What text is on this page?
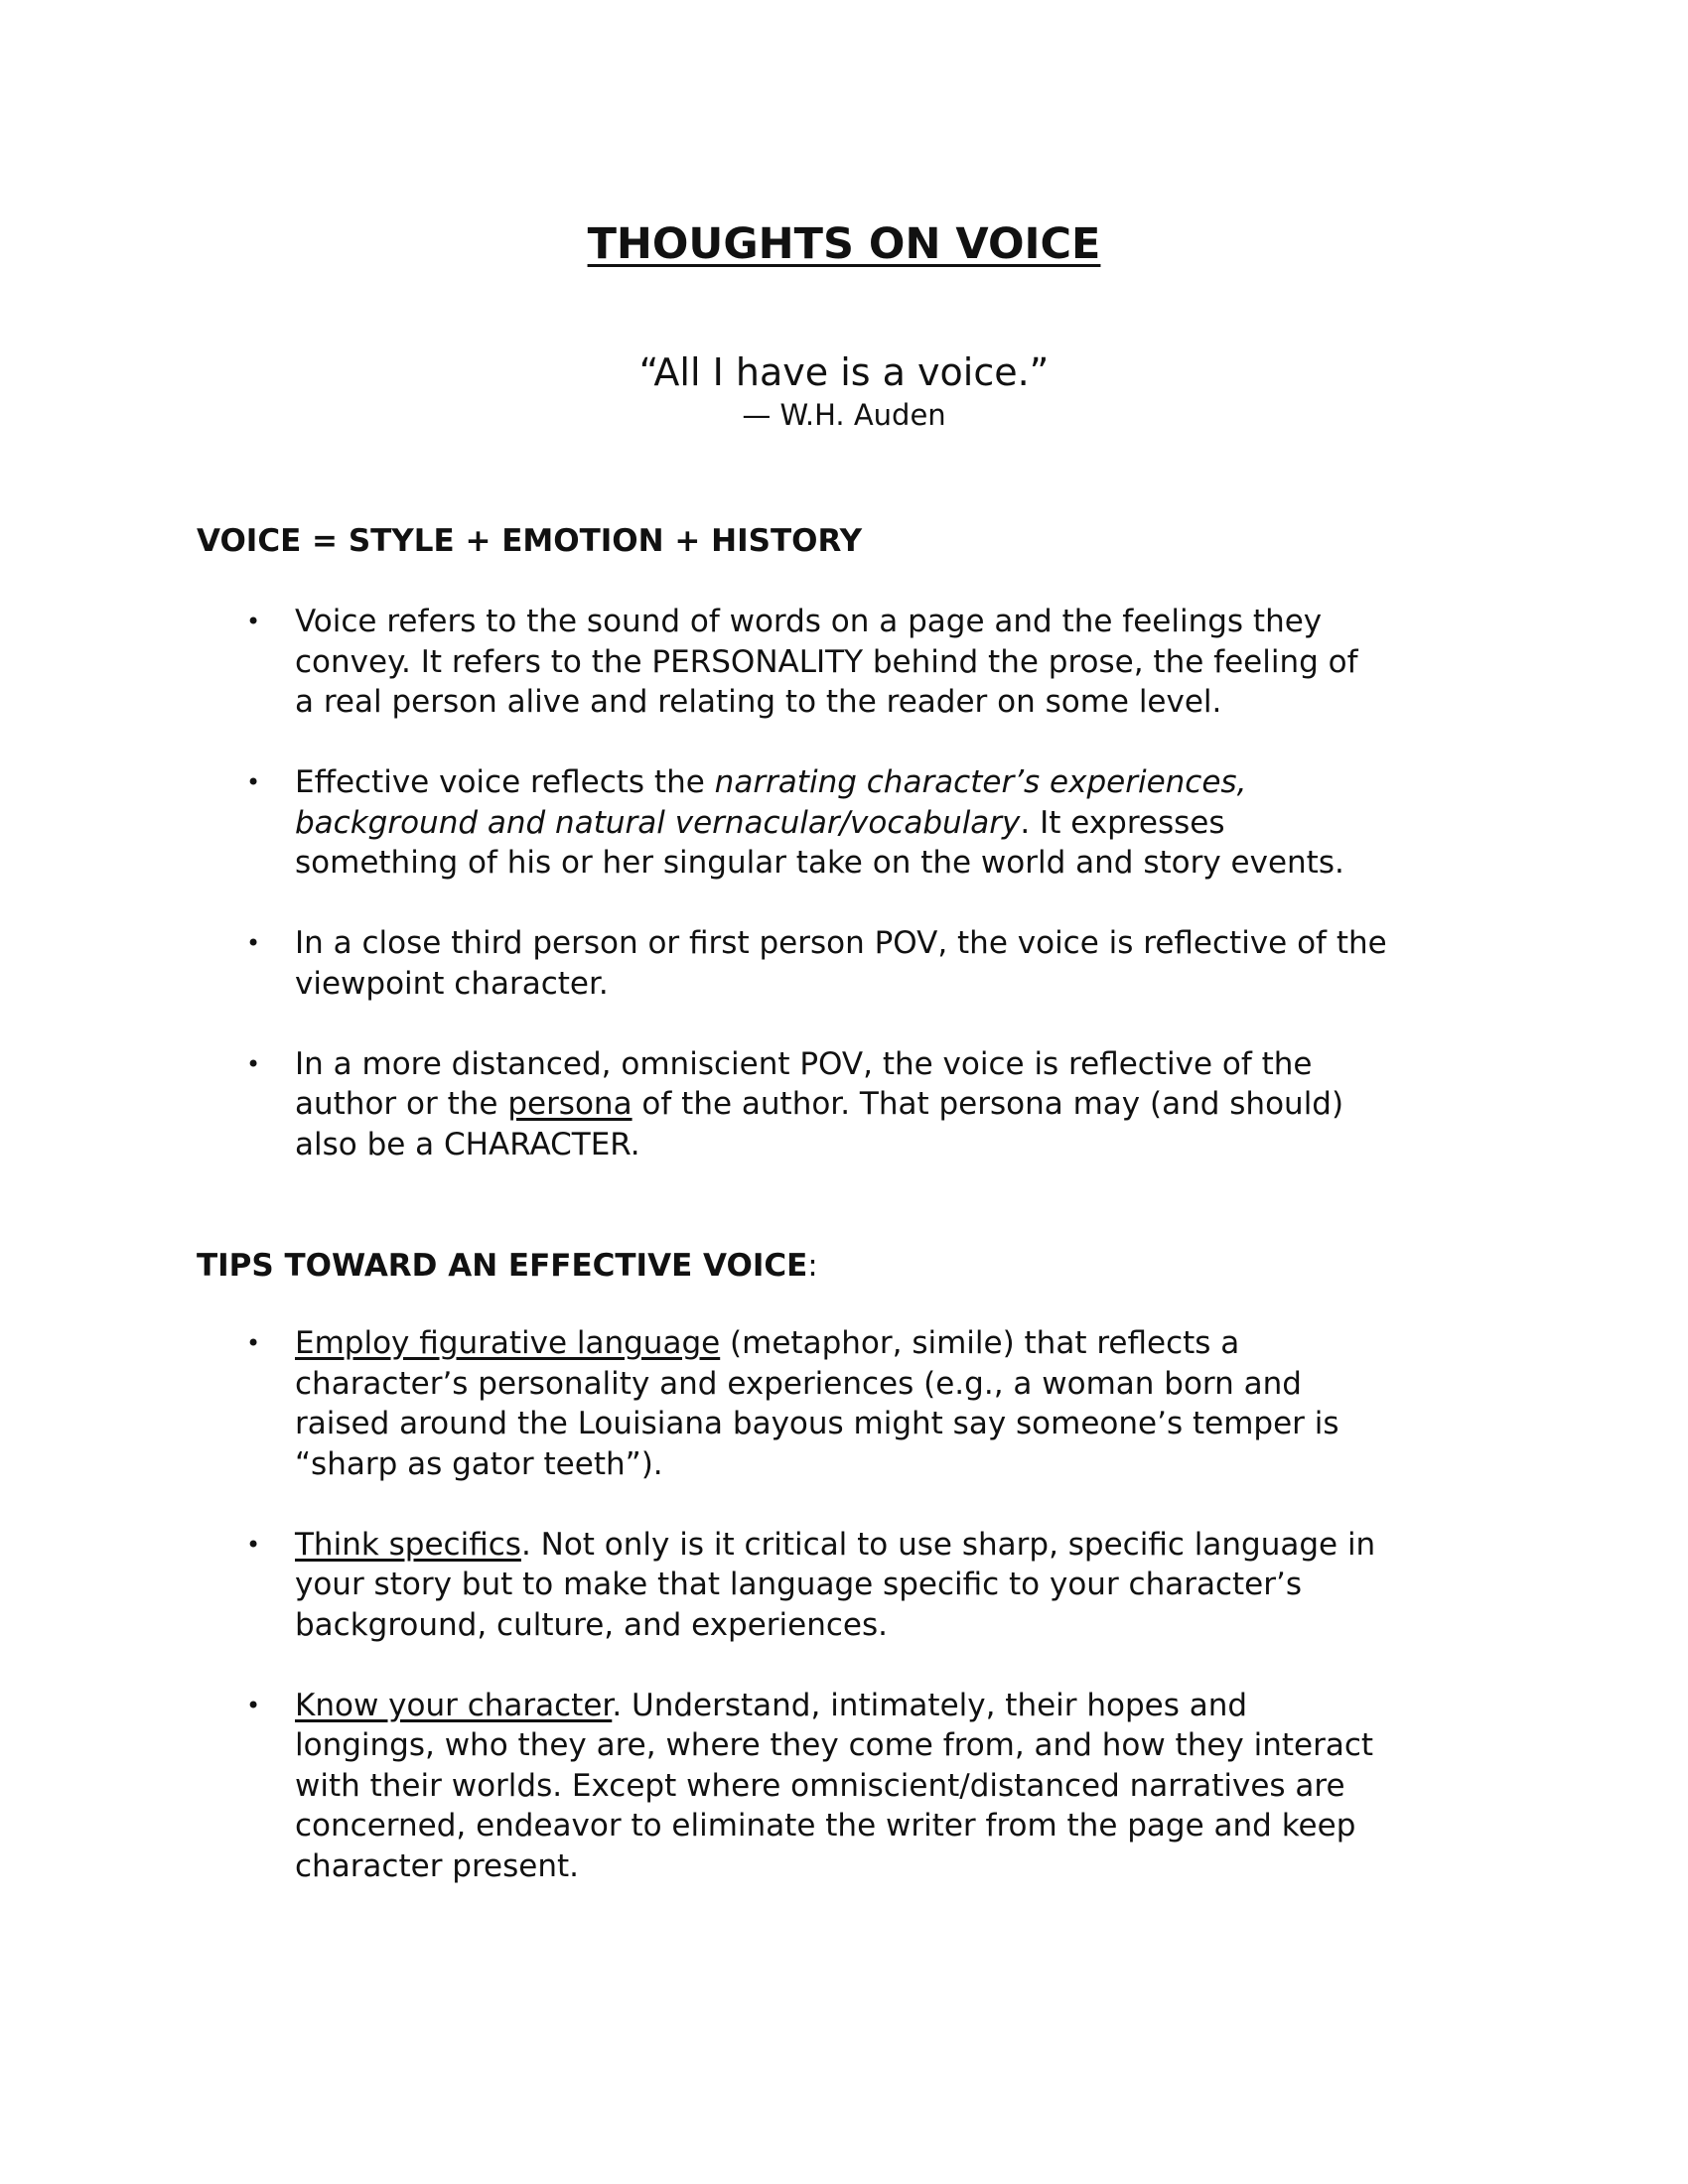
THOUGHTS ON VOICE
“All I have is a voice.”
— W.H. Auden
VOICE = STYLE + EMOTION + HISTORY
• Voice refers to the sound of words on a page and the feelings they
convey. It refers to the PERSONALITY behind the prose, the feeling of
a real person alive and relating to the reader on some level.
• Effective voice reflects the narrating character’s experiences,
background and natural vernacular/vocabulary. It expresses
something of his or her singular take on the world and story events.
• In a close third person or first person POV, the voice is reflective of the
viewpoint character.
• In a more distanced, omniscient POV, the voice is reflective of the
author or the persona of the author. That persona may (and should)
also be a CHARACTER.
TIPS TOWARD AN EFFECTIVE VOICE:
• Employ figurative language (metaphor, simile) that reflects a
character’s personality and experiences (e.g., a woman born and
raised around the Louisiana bayous might say someone’s temper is
“sharp as gator teeth”).
• Think specifics. Not only is it critical to use sharp, specific language in
your story but to make that language specific to your character’s
background, culture, and experiences.
• Know your character. Understand, intimately, their hopes and
longings, who they are, where they come from, and how they interact
with their worlds. Except where omniscient/distanced narratives are
concerned, endeavor to eliminate the writer from the page and keep
character present.
